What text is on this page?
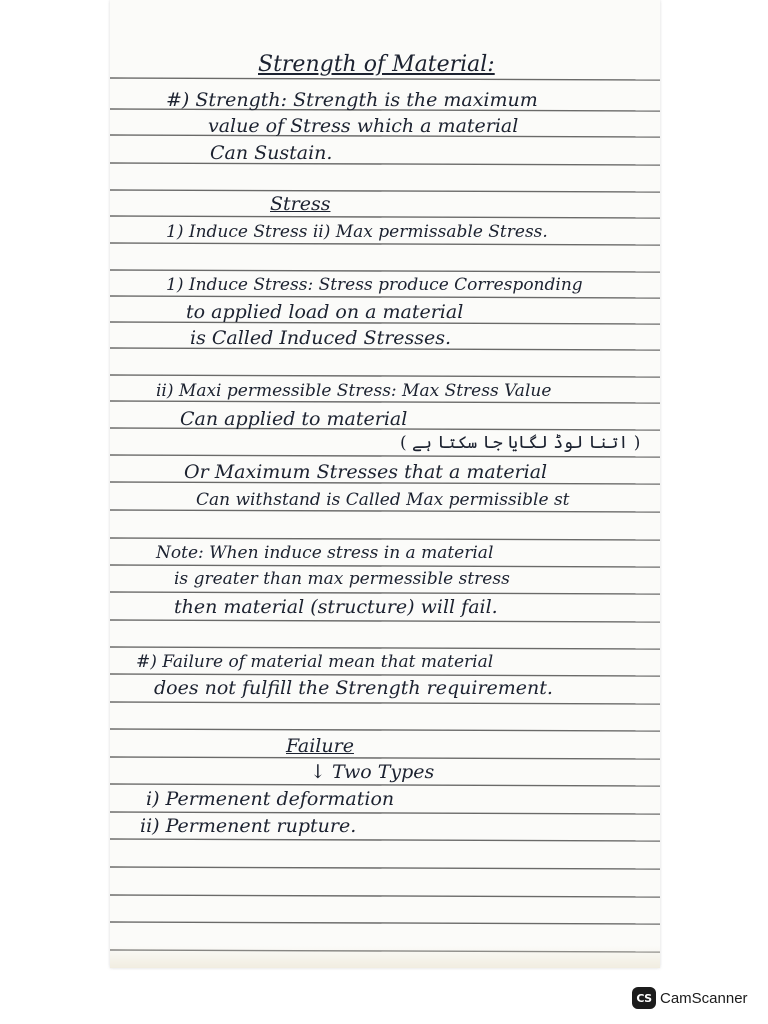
Strength of Material:
#) Strength: Strength is the maximum
value of Stress which a material
Can Sustain.
Stress
1) Induce Stress ii) Max permissable Stress.
1) Induce Stress: Stress produce Corresponding
to applied load on a material
is Called Induced Stresses.
ii) Maxi permessible Stress: Max Stress Value
Can applied to material
( اتنا لوڈ لگایا جا سکتا ہے )
Or Maximum Stresses that a material
Can withstand is Called Max permissible st
Note: When induce stress in a material
is greater than max permessible stress
then material (structure) will fail.
#) Failure of material mean that material
does not fulfill the Strength requirement.
Failure
↓ Two Types
i) Permenent deformation
ii) Permenent rupture.
CS CamScanner
